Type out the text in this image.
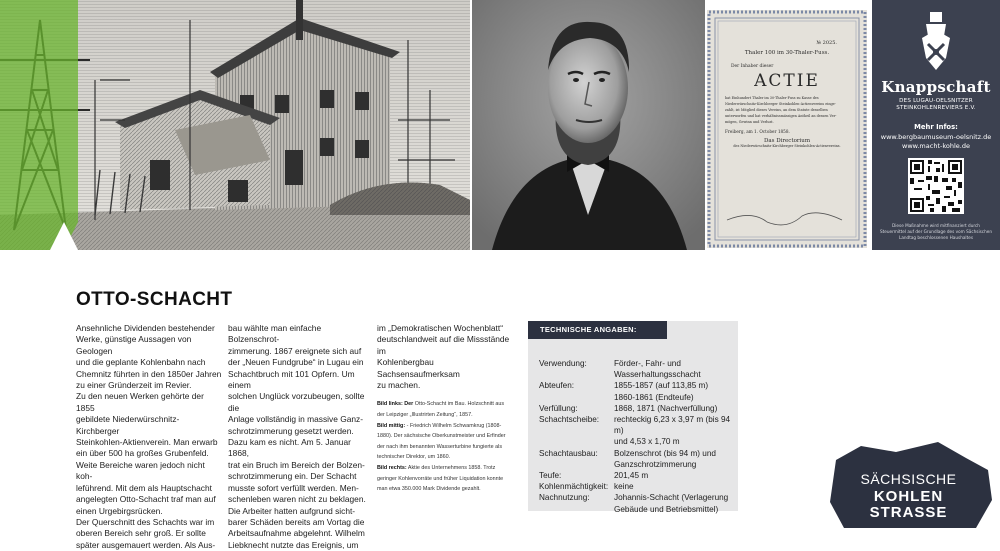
№ 2025.
Thaler 100 im 30-Thaler-Fuss.
Der Inhaber dieser
ACTIE
hat Einhundert Thaler im 30-Thaler-Fuss zu Kasse des
Niederwürschnitz-Kirchberger Steinkohlen-Actienvereins einge-
zahlt, ist Mitglied dieses Vereins, an dem Statute desselben
unterworfen und hat verhältnissmässigen Antheil an dessen Ver-
mögen, Gewinn und Verlust.
Freiberg, am 1. October 1858.
Das Directorium
des Niederwürschnitz-Kirchberger Steinkohlen-Actienvereins.
Knappschaft
DES LUGAU-OELSNITZER
STEINKOHLENREVIERS E.V.
Mehr Infos:
www.bergbaumuseum-oelsnitz.de
www.macht-kohle.de
Diese Maßnahme wird mitfinanziert durch
Steuermittel auf der Grundlage des vom Sächsischen
Landtag beschlossenen Haushaltes
OTTO-SCHACHT

Ansehnliche Dividenden bestehender

Werke, günstige Aussagen von Geologen

und die geplante Kohlenbahn nach

Chemnitz führten in den 1850er Jahren

zu einer Gründerzeit im Revier.

Zu den neuen Werken gehörte der 1855

gebildete Niederwürschnitz-Kirchberger

Steinkohlen-Aktienverein. Man erwarb

ein über 500 ha großes Grubenfeld.

Weite Bereiche waren jedoch nicht koh-

leführend. Mit dem als Hauptschacht

angelegten Otto-Schacht traf man auf

einen Urgebirgsrücken.

Der Querschnitt des Schachts war im

oberen Bereich sehr groß. Er sollte

später ausgemauert werden. Als Aus-

bau wählte man einfache Bolzenschrot-

zimmerung. 1867 ereignete sich auf

der „Neuen Fundgrube“ in Lugau ein

Schachtbruch mit 101 Opfern. Um einem

solchen Unglück vorzubeugen, sollte die

Anlage vollständig in massive Ganz-

schrotzimmerung gesetzt werden.

Dazu kam es nicht. Am 5. Januar 1868,

trat ein Bruch im Bereich der Bolzen-

schrotzimmerung ein. Der Schacht

musste sofort verfüllt werden. Men-

schenleben waren nicht zu beklagen.

Die Arbeiter hatten aufgrund sicht-

barer Schäden bereits am Vortag die

Arbeitsaufnahme abgelehnt. Wilhelm

Liebknecht nutzte das Ereignis, um

im „Demokratischen Wochenblatt“

deutschlandweit auf die Missstände im

Kohlenbergbau Sachsensaufmerksam

zu machen.

Bild links: Der Otto-Schacht im Bau. Holzschnitt aus
der Leipziger „Illustrirten Zeitung“, 1857.
Bild mittig: - Friedrich Wilhelm Schwamkrug (1808-
1880). Der sächsische Oberkunstmeister und Erfinder
der nach ihm benannten Wasserturbine fungierte als
technischer Direktor, um 1860.
Bild rechts: Aktie des Unternehmens 1858. Trotz
geringer Kohlenvorräte und früher Liquidation konnte
man etwa 350.000 Mark Dividende gezahlt.
TECHNISCHE ANGABEN:
Verwendung:	Förder-, Fahr- und
Wasserhaltungsschacht
Abteufen:	1855-1857 (auf 113,85 m)
1860-1861 (Endteufe)
Verfüllung:	1868, 1871 (Nachverfüllung)
Schachtscheibe:	rechteckig 6,23 x 3,97 m (bis 94 m)
und 4,53 x 1,70 m
Schachtausbau:	Bolzenschrot (bis 94 m) und
Ganzschrotzimmerung
Teufe:	201,45 m
Kohlenmächtigkeit: keine
Nachnutzung:	Johannis-Schacht (Verlagerung
Gebäude und Betriebsmittel)
SÄCHSISCHE
KOHLEN
STRASSE
